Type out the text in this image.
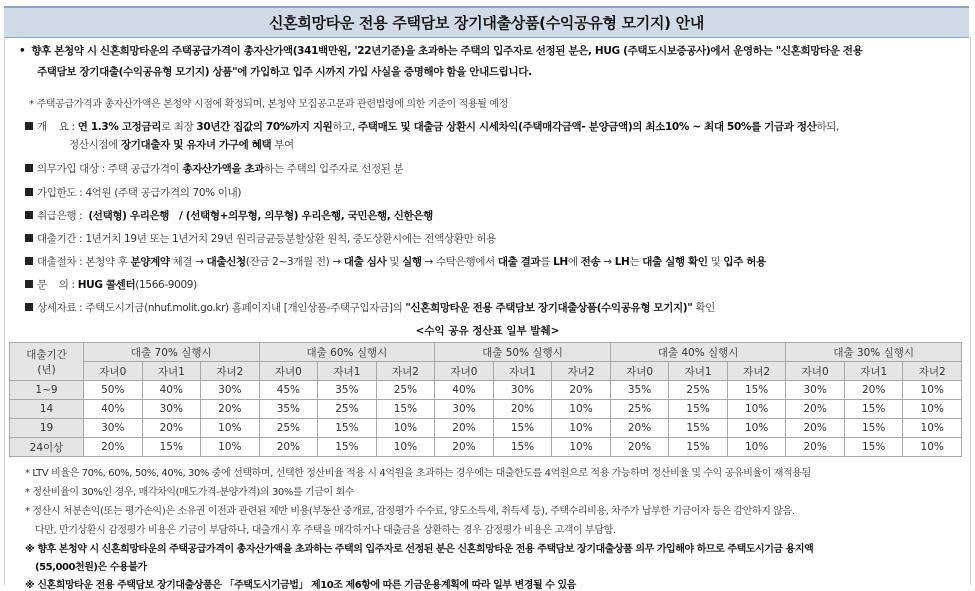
신혼희망타운 전용 주택담보 장기대출상품(수익공유형 모기지) 안내
• 향후 본청약 시 신혼희망타운의 주택공급가격이 총자산가액(341백만원, '22년기준)을 초과하는 주택의 입주자로 선정된 분은, HUG (주택도시보증공사)에서 운영하는 "신혼희망타운 전용
주택담보 장기대출(수익공유형 모기지) 상품"에 가입하고 입주 시까지 가입 사실을 증명해야 함을 안내드립니다.
* 주택공급가격과 총자산가액은 본청약 시점에 확정되며, 본청약 모집공고문과 관련법령에 의한 기준이 적용될 예정
개    요 : 연 1.3% 고정금리로 최장 30년간 집값의 70%까지 지원하고, 주택매도 및 대출금 상환시 시세차익(주택매각금액- 분양금액)의 최소10% ~ 최대 50%를 기금과 정산하되,
정산시점에 장기대출자 및 유자녀 가구에 혜택 부여
의무가입 대상 : 주택 공급가격이 총자산가액을 초과하는 주택의 입주자로 선정된 분
가입한도 : 4억원 (주택 공급가격의 70% 이내)
취급은행 :  (선택형) 우리은행   / (선택형+의무형, 의무형) 우리은행, 국민은행, 신한은행
대출기간 : 1년거치 19년 또는 1년거치 29년 원리금균등분할상환 원칙, 중도상환시에는 전액상환만 허용
대출절차 : 본청약 후 분양계약 체결 → 대출신청(잔금 2~3개월 전) → 대출 심사 및 실행 → 수탁은행에서 대출 결과를 LH에 전송 → LH는 대출 실행 확인 및 입주 허용
문    의 : HUG 콜센터(1566-9009)
상세자료 : 주택도시기금(nhuf.molit.go.kr) 홈페이지내 [개인상품-주택구입자금]의 "신혼희망타운 전용 주택담보 장기대출상품(수익공유형 모기지)" 확인
<수익 공유 정산표 일부 발췌>
대출기간
(년)	대출 70% 실행시			대출 60% 실행시			대출 50% 실행시			대출 40% 실행시			대출 30% 실행시		
	자녀0	자녀1	자녀2	자녀0	자녀1	자녀2	자녀0	자녀1	자녀2	자녀0	자녀1	자녀2	자녀0	자녀1	자녀2
1~9	50%	40%	30%	45%	35%	25%	40%	30%	20%	35%	25%	15%	30%	20%	10%
14	40%	30%	20%	35%	25%	15%	30%	20%	10%	25%	15%	10%	20%	15%	10%
19	30%	20%	10%	25%	15%	10%	20%	15%	10%	20%	15%	10%	20%	15%	10%
24이상	20%	15%	10%	20%	15%	10%	20%	15%	10%	20%	15%	10%	20%	15%	10%
* LTV 비율은 70%, 60%, 50%, 40%, 30% 중에 선택하며, 선택한 정산비율 적용 시 4억원을 초과하는 경우에는 대출한도를 4억원으로 적용 가능하며 정산비율 및 수익 공유비율이 재적용됨
* 정산비율이 30%인 경우, 매각차익(매도가격-분양가격)의 30%를 기금이 회수
* 정산시 처분손익(또는 평가손익)은 소유권 이전과 관련된 제반 비용(부동산 중개료, 감정평가 수수료, 양도소득세, 취득세 등), 주택수리비용, 차주가 납부한 기금이자 등은 감안하지 않음.
다만, 만기상환시 감정평가 비용은 기금이 부담하나, 대출개시 후 주택을 매각하거나 대출금을 상환하는 경우 감정평가 비용은 고객이 부담함.
※ 향후 본청약 시 신혼희망타운의 주택공급가격이 총자산가액을 초과하는 주택의 입주자로 선정된 분은 신혼희망타운 전용 주택담보 장기대출상품 의무 가입해야 하므로 주택도시기금 용지액
(55,000천원)은 수용불가
※ 신혼희망타운 전용 주택담보 장기대출상품은 「주택도시기금법」 제10조 제6항에 따른 기금운용계획에 따라 일부 변경될 수 있음
